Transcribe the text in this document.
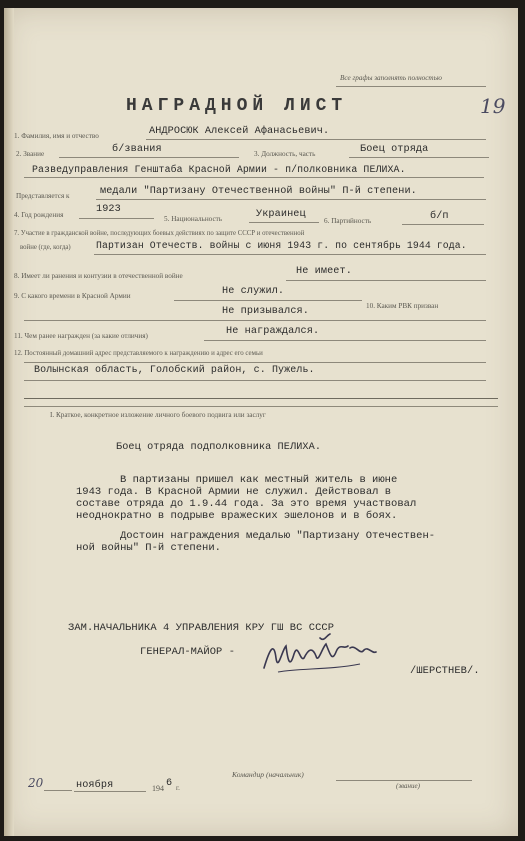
Все графы заполнять полностью
19
НАГРАДНОЙ ЛИСТ
1. Фамилия, имя и отчество	АНДРОСЮК Алексей Афанасьевич.
2. Звание	б/звания	3. Должность, часть	Боец отряда
Разведуправления Генштаба Красной Армии - п/полковника ПЕЛИХА.
Представляется к	медали "Партизану Отечественной войны" П-й степени.
4. Год рождения	1923
5. Национальность	Украинец
6. Партийность	б/п
7. Участие в гражданской войне, последующих боевых действиях по защите СССР и отечественной
войне (где, когда)	Партизан Отечеств. войны с июня 1943 г. по сентябрь 1944 года.
8. Имеет ли ранения и контузии в отечественной войне	Не имеет.
9. С какого времени в Красной Армии	Не служил.
10. Каким РВК призван
Не призывался.
11. Чем ранее награжден (за какие отличия)	Не награждался.
12. Постоянный домашний адрес представляемого к награждению и адрес его семьи
Волынская область, Голобский район, с. Пужель.
I. Краткое, конкретное изложение личного боевого подвига или заслуг
Боец отряда подполковника ПЕЛИХА.
В партизаны пришел как местный житель в июне
1943 года. В Красной Армии не служил. Действовал в
составе отряда до 1.9.44 года. За это время участвовал
неоднократно в подрыве вражеских эшелонов и в боях.
Достоин награждения медалью "Партизану Отечествен-
ной войны" П-й степени.
ЗАМ.НАЧАЛЬНИКА 4 УПРАВЛЕНИЯ КРУ ГШ ВС СССР
ГЕНЕРАЛ-МАЙОР -
/ШЕРСТНЕВ/.
20	ноября	194 6 г.
Командир (начальник)
(звание)
